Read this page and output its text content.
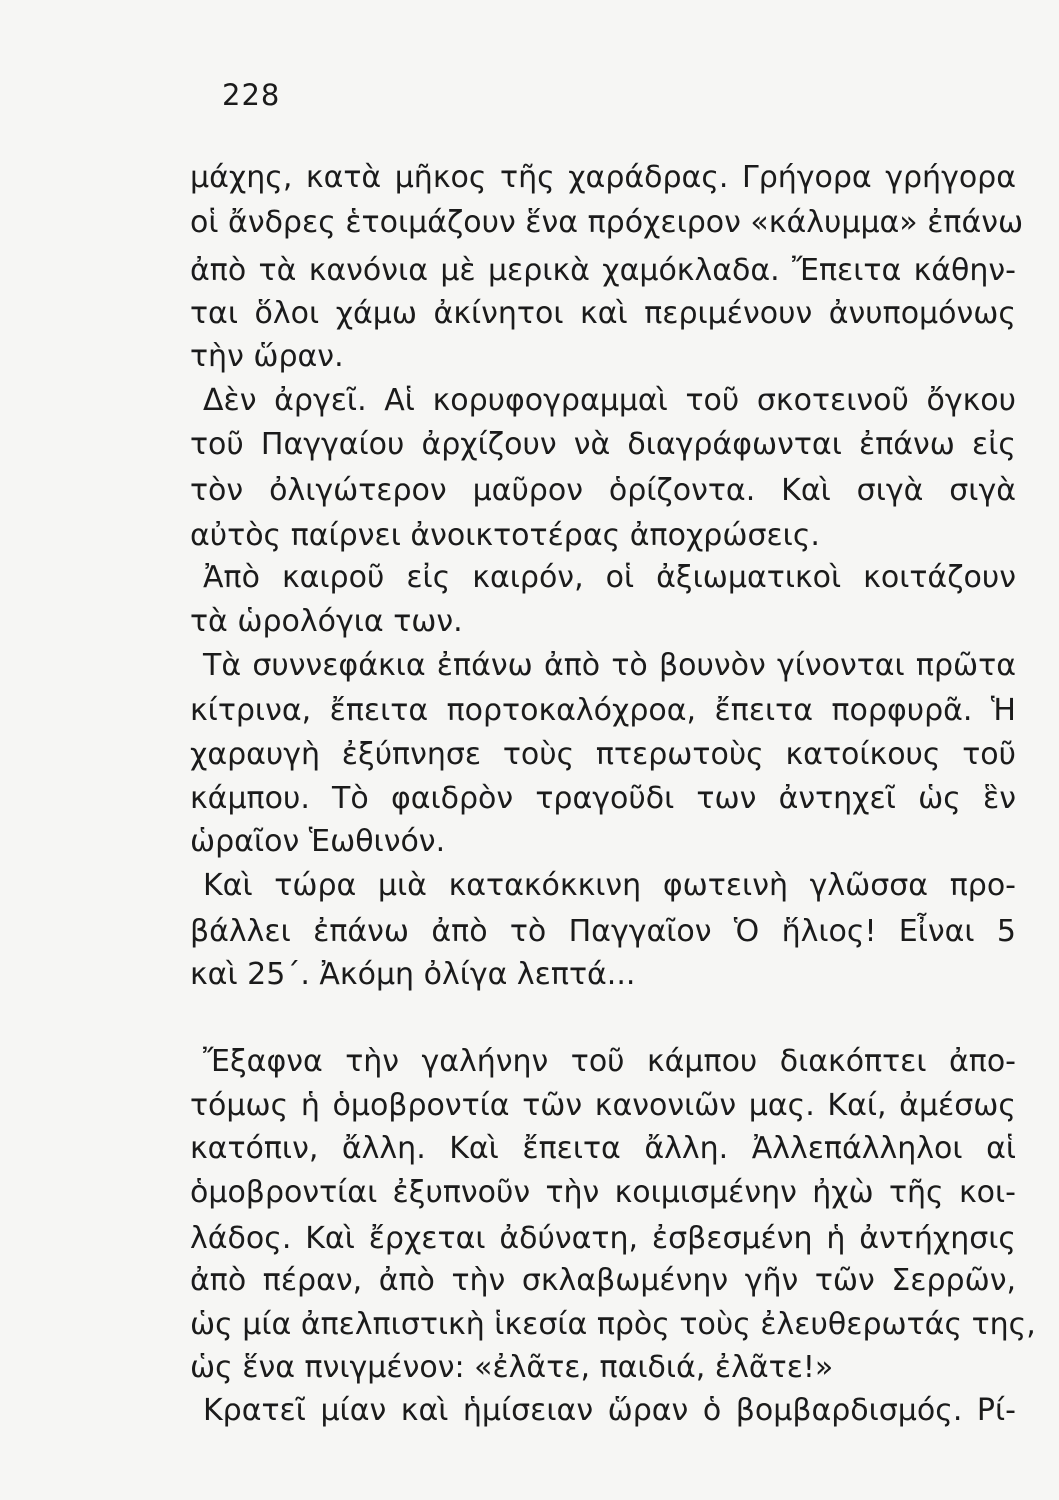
228
μάχης, κατὰ μῆκος τῆς χαράδρας. Γρήγορα γρήγορα
οἱ ἄνδρες ἑτοιμάζουν ἕνα πρόχειρον «κάλυμμα» ἐπάνω
ἀπὸ τὰ κανόνια μὲ μερικὰ χαμόκλαδα. Ἔπειτα κάθην-
ται ὅλοι χάμω ἀκίνητοι καὶ περιμένουν ἀνυπομόνως
τὴν ὥραν.
Δὲν ἀργεῖ. Αἱ κορυφογραμμαὶ τοῦ σκοτεινοῦ ὄγκου
τοῦ Παγγαίου ἀρχίζουν νὰ διαγράφωνται ἐπάνω εἰς
τὸν ὀλιγώτερον μαῦρον ὁρίζοντα. Καὶ σιγὰ σιγὰ
αὐτὸς παίρνει ἀνοικτοτέρας ἀποχρώσεις.
Ἀπὸ καιροῦ εἰς καιρόν, οἱ ἀξιωματικοὶ κοιτάζουν
τὰ ὡρολόγια των.
Τὰ συννεφάκια ἐπάνω ἀπὸ τὸ βουνὸν γίνονται πρῶτα
κίτρινα, ἔπειτα πορτοκαλόχροα, ἔπειτα πορφυρᾶ. Ἡ
χαραυγὴ ἐξύπνησε τοὺς πτερωτοὺς κατοίκους τοῦ
κάμπου. Τὸ φαιδρὸν τραγοῦδι των ἀντηχεῖ ὡς ἓν
ὡραῖον Ἑωθινόν.
Καὶ τώρα μιὰ κατακόκκινη φωτεινὴ γλῶσσα προ-
βάλλει ἐπάνω ἀπὸ τὸ Παγγαῖον Ὁ ἥλιος! Εἶναι 5
καὶ 25΄. Ἀκόμη ὀλίγα λεπτά...
Ἔξαφνα τὴν γαλήνην τοῦ κάμπου διακόπτει ἀπο-
τόμως ἡ ὁμοβροντία τῶν κανονιῶν μας. Καί, ἀμέσως
κατόπιν, ἄλλη. Καὶ ἔπειτα ἄλλη. Ἀλλεπάλληλοι αἱ
ὁμοβροντίαι ἐξυπνοῦν τὴν κοιμισμένην ἠχὼ τῆς κοι-
λάδος. Καὶ ἔρχεται ἀδύνατη, ἐσβεσμένη ἡ ἀντήχησις
ἀπὸ πέραν, ἀπὸ τὴν σκλαβωμένην γῆν τῶν Σερρῶν,
ὡς μία ἀπελπιστικὴ ἱκεσία πρὸς τοὺς ἐλευθερωτάς της,
ὡς ἕνα πνιγμένον: «ἐλᾶτε, παιδιά, ἐλᾶτε!»
Κρατεῖ μίαν καὶ ἡμίσειαν ὥραν ὁ βομβαρδισμός. Ρί-
